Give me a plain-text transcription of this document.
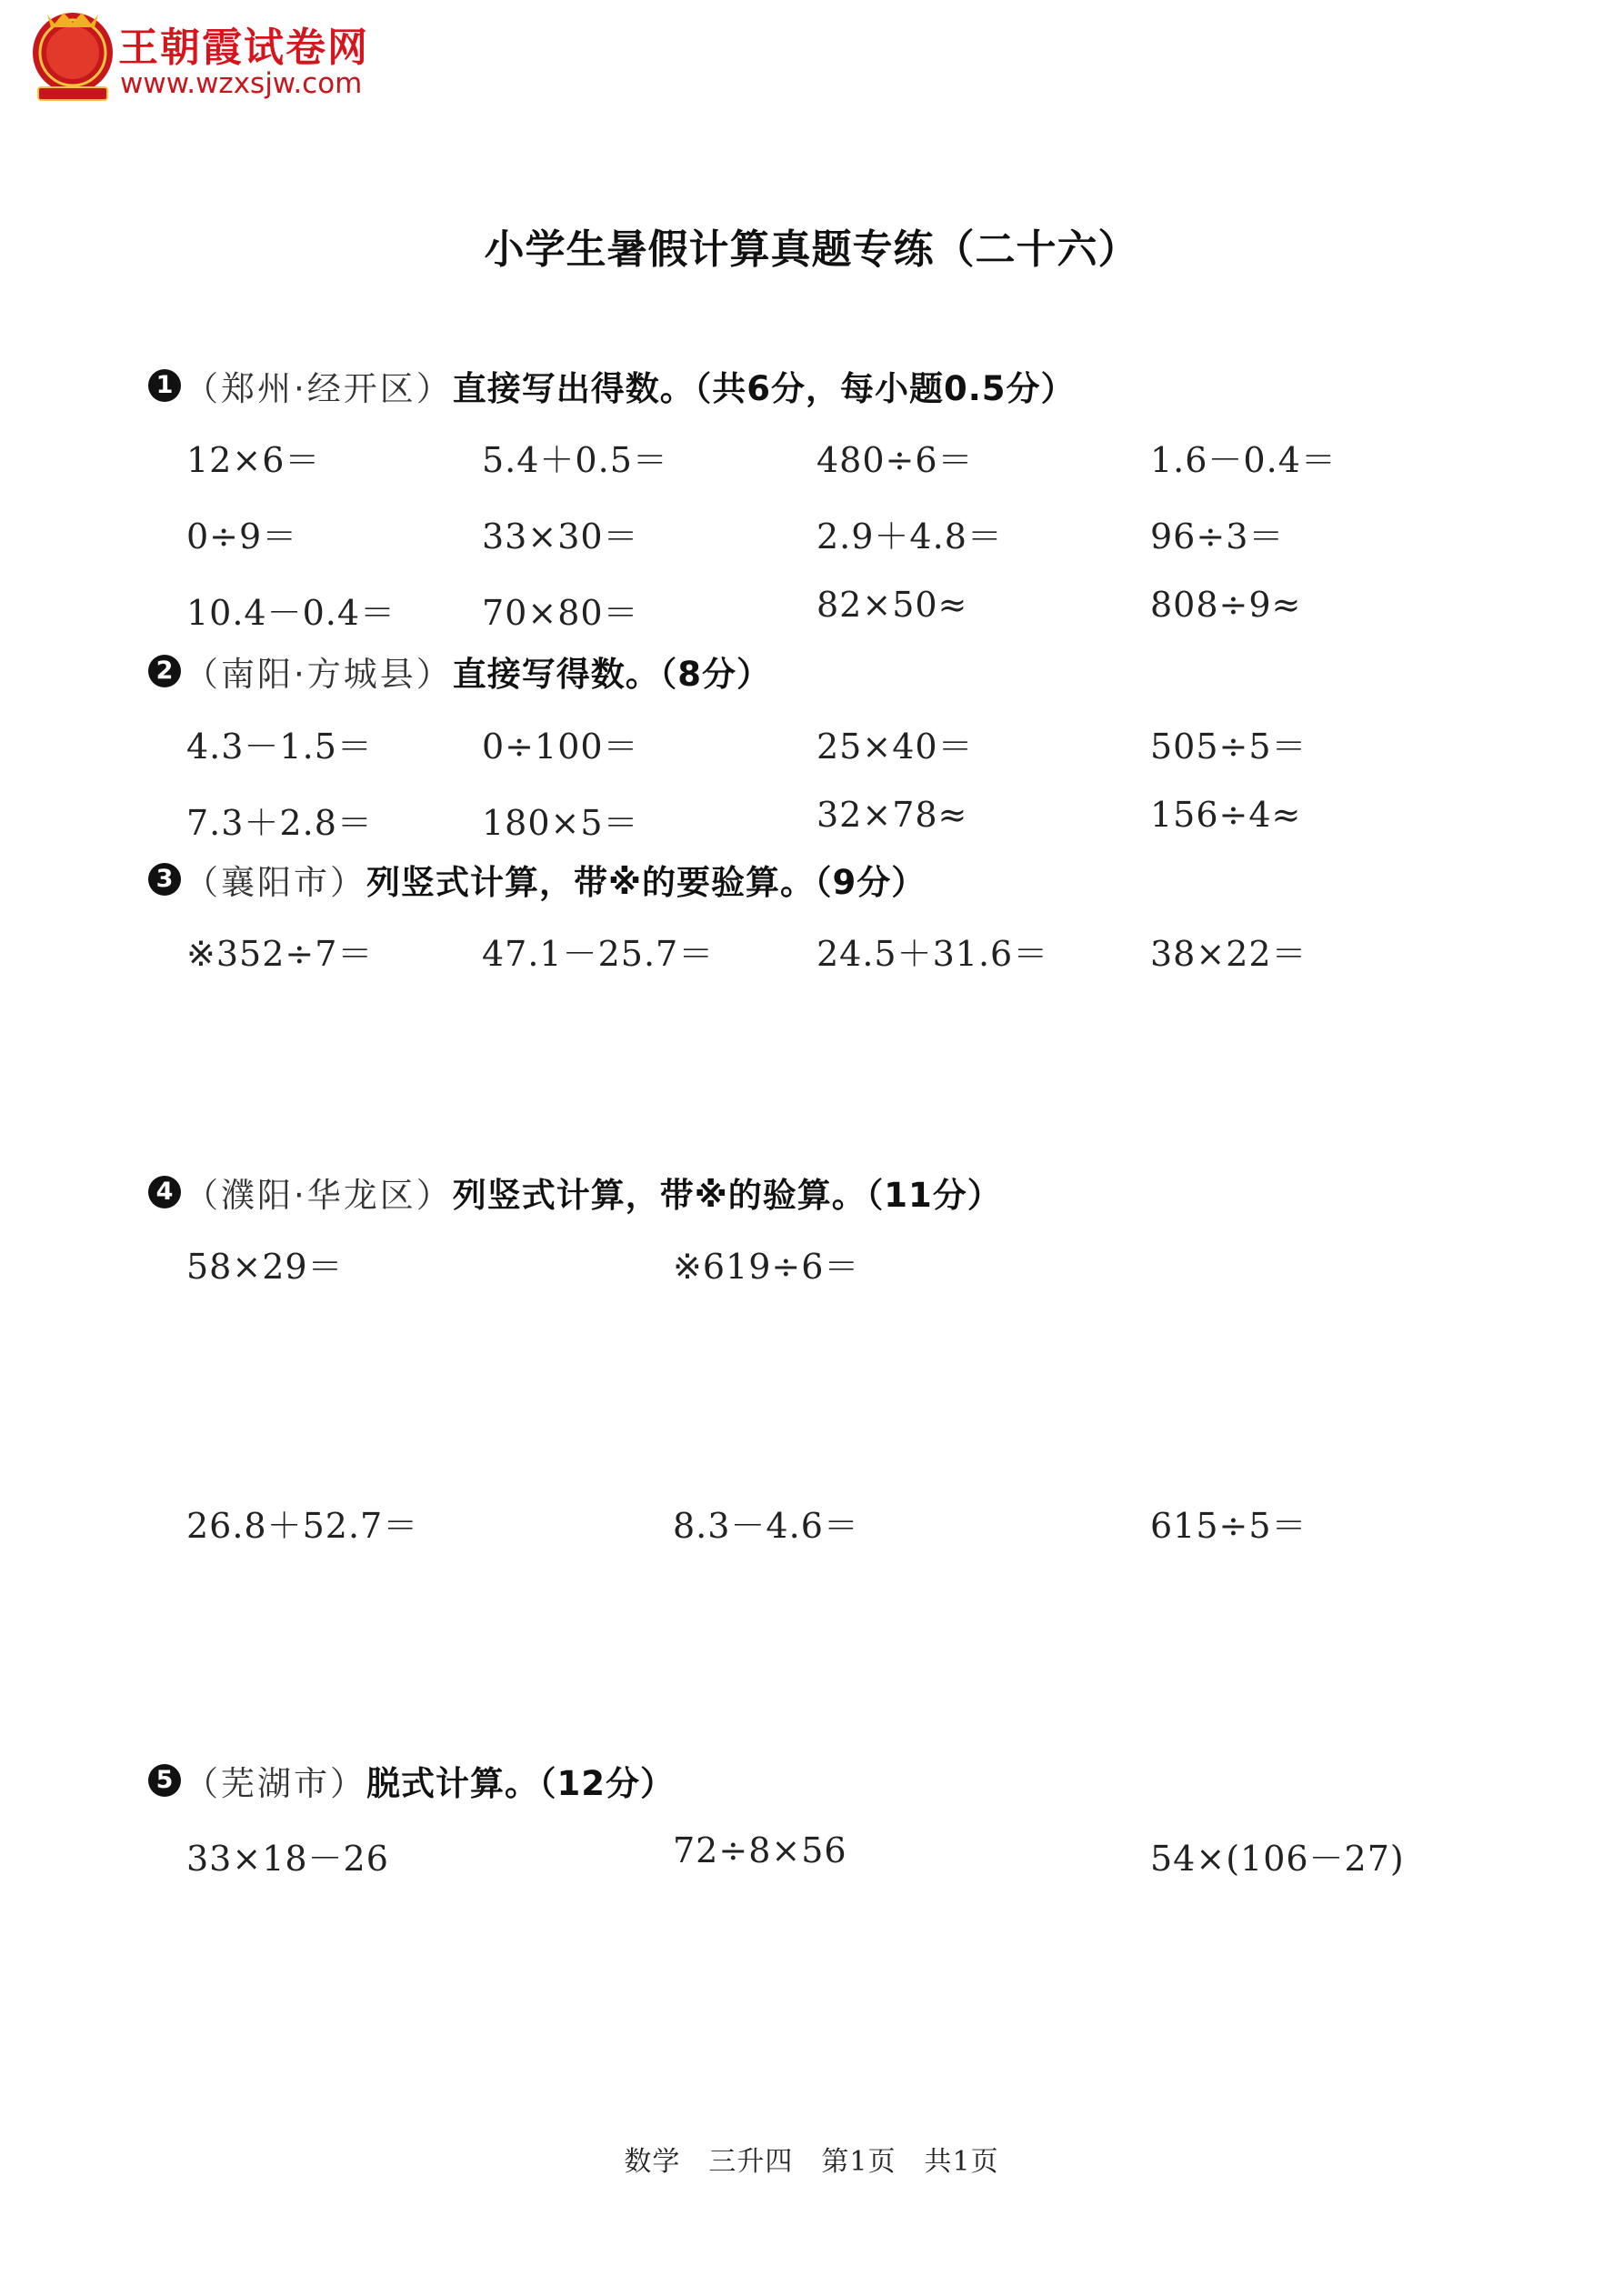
王朝霞试卷网
www.wzxsjw.com
小学生暑假计算真题专练（二十六）
1 （郑州·经开区） 直接写出得数。（共6分，每小题0.5分）
12×6＝	5.4＋0.5＝	480÷6＝	1.6－0.4＝
0÷9＝	33×30＝	2.9＋4.8＝	96÷3＝
10.4－0.4＝ 70×80＝	82×50≈	808÷9≈
2 （南阳·方城县） 直接写得数。（8分）
4.3－1.5＝	0÷100＝	25×40＝	505÷5＝
7.3＋2.8＝	180×5＝	32×78≈	156÷4≈
3 （襄阳市） 列竖式计算，带※的要验算。（9分）
※352÷7＝	47.1－25.7＝	24.5＋31.6＝	38×22＝
4 （濮阳·华龙区） 列竖式计算，带※的验算。（11分）
58×29＝	※619÷6＝
26.8＋52.7＝	8.3－4.6＝	615÷5＝
5 （芜湖市） 脱式计算。（12分）
33×18－26	72÷8×56	54×(106－27)
数学　三升四　第1页　共1页
